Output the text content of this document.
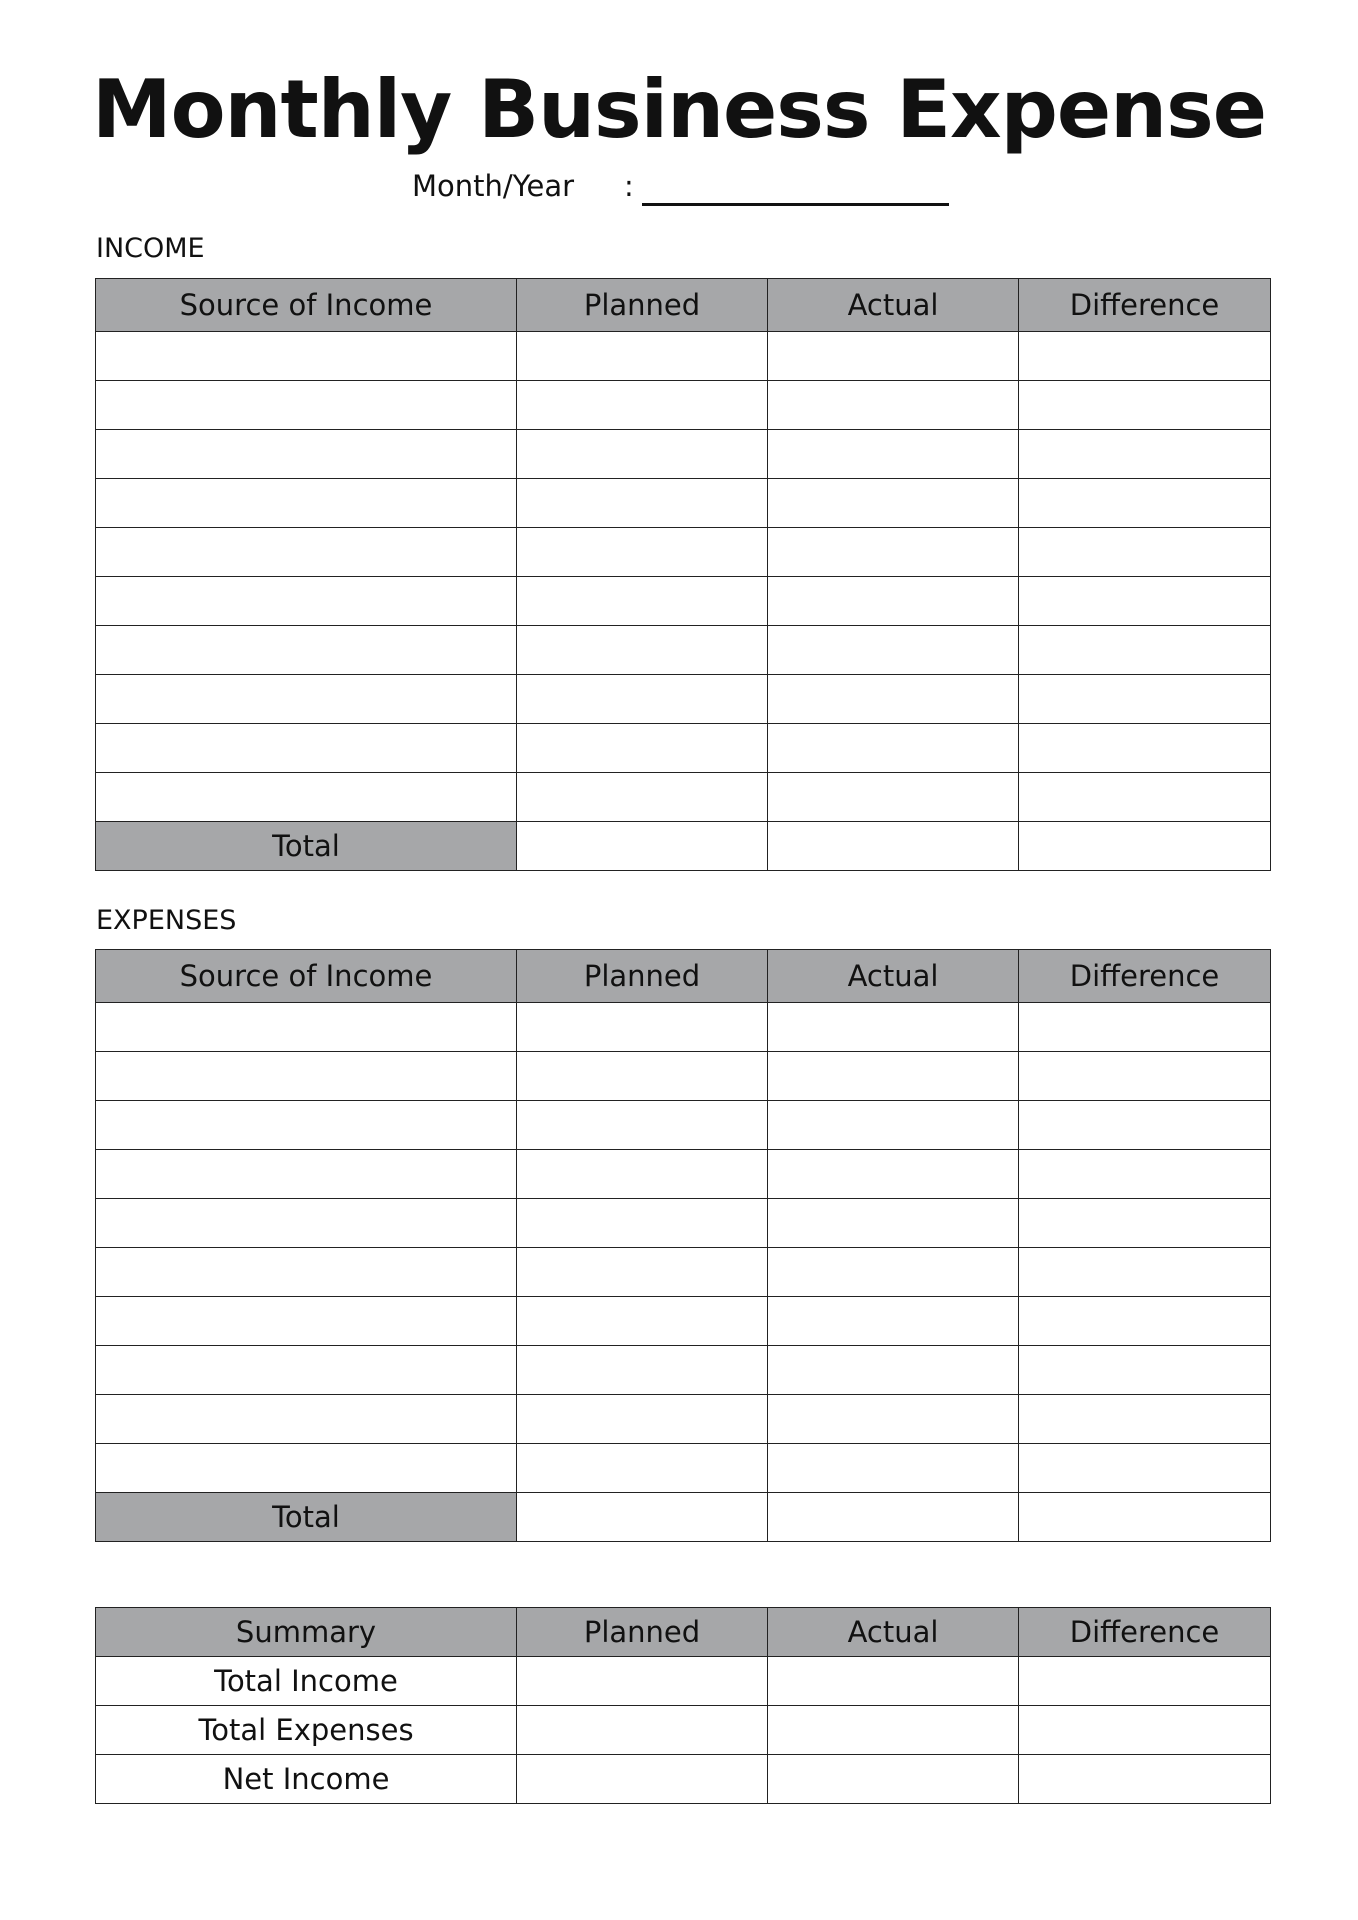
Monthly Business Expense
Month/Year	:
INCOME
Source of Income	Planned	Actual	Difference

Total			
EXPENSES
Source of Income	Planned	Actual	Difference

Total			
Summary	Planned	Actual	Difference
Total Income			
Total Expenses			
Net Income			
